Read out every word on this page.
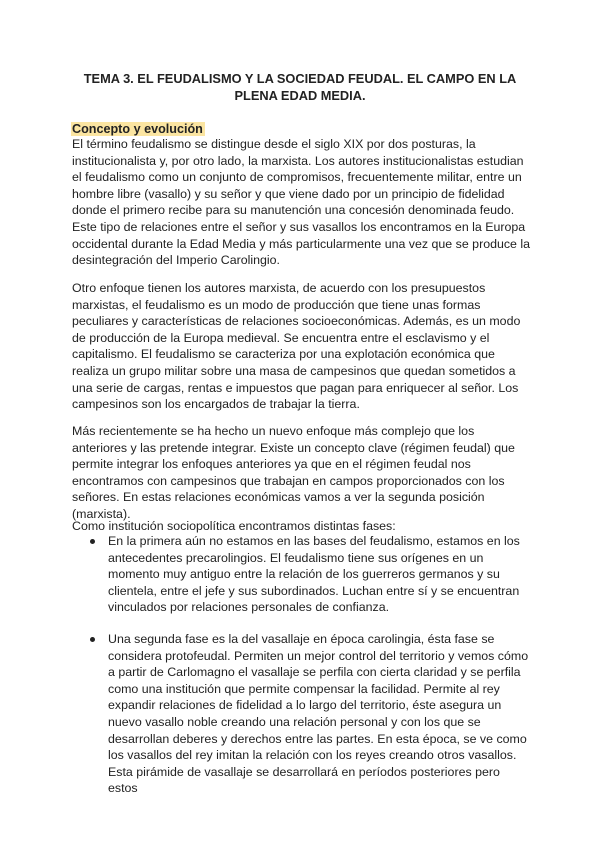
TEMA 3. EL FEUDALISMO Y LA SOCIEDAD FEUDAL. EL CAMPO EN LA PLENA EDAD MEDIA.
Concepto y evolución

El término feudalismo se distingue desde el siglo XIX por dos posturas, la institucionalista y, por otro lado, la marxista. Los autores institucionalistas estudian el feudalismo como un conjunto de compromisos, frecuentemente militar, entre un hombre libre (vasallo) y su señor y que viene dado por un principio de fidelidad donde el primero recibe para su manutención una concesión denominada feudo. Este tipo de relaciones entre el señor y sus vasallos los encontramos en la Europa occidental durante la Edad Media y más particularmente una vez que se produce la desintegración del Imperio Carolingio.

Otro enfoque tienen los autores marxista, de acuerdo con los presupuestos marxistas, el feudalismo es un modo de producción que tiene unas formas peculiares y características de relaciones socioeconómicas. Además, es un modo de producción de la Europa medieval. Se encuentra entre el esclavismo y el capitalismo. El feudalismo se caracteriza por una explotación económica que realiza un grupo militar sobre una masa de campesinos que quedan sometidos a una serie de cargas, rentas e impuestos que pagan para enriquecer al señor. Los campesinos son los encargados de trabajar la tierra.

Más recientemente se ha hecho un nuevo enfoque más complejo que los anteriores y las pretende integrar. Existe un concepto clave (régimen feudal) que permite integrar los enfoques anteriores ya que en el régimen feudal nos encontramos con campesinos que trabajan en campos proporcionados con los señores. En estas relaciones económicas vamos a ver la segunda posición (marxista).

Como institución sociopolítica encontramos distintas fases:

En la primera aún no estamos en las bases del feudalismo, estamos en los antecedentes precarolingios. El feudalismo tiene sus orígenes en un momento muy antiguo entre la relación de los guerreros germanos y su clientela, entre el jefe y sus subordinados. Luchan entre sí y se encuentran vinculados por relaciones personales de confianza.
Una segunda fase es la del vasallaje en época carolingia, ésta fase se considera protofeudal. Permiten un mejor control del territorio y vemos cómo a partir de Carlomagno el vasallaje se perfila con cierta claridad y se perfila como una institución que permite compensar la facilidad. Permite al rey expandir relaciones de fidelidad a lo largo del territorio, éste asegura un nuevo vasallo noble creando una relación personal y con los que se desarrollan deberes y derechos entre las partes. En esta época, se ve como los vasallos del rey imitan la relación con los reyes creando otros vasallos. Esta pirámide de vasallaje se desarrollará en períodos posteriores pero estos
